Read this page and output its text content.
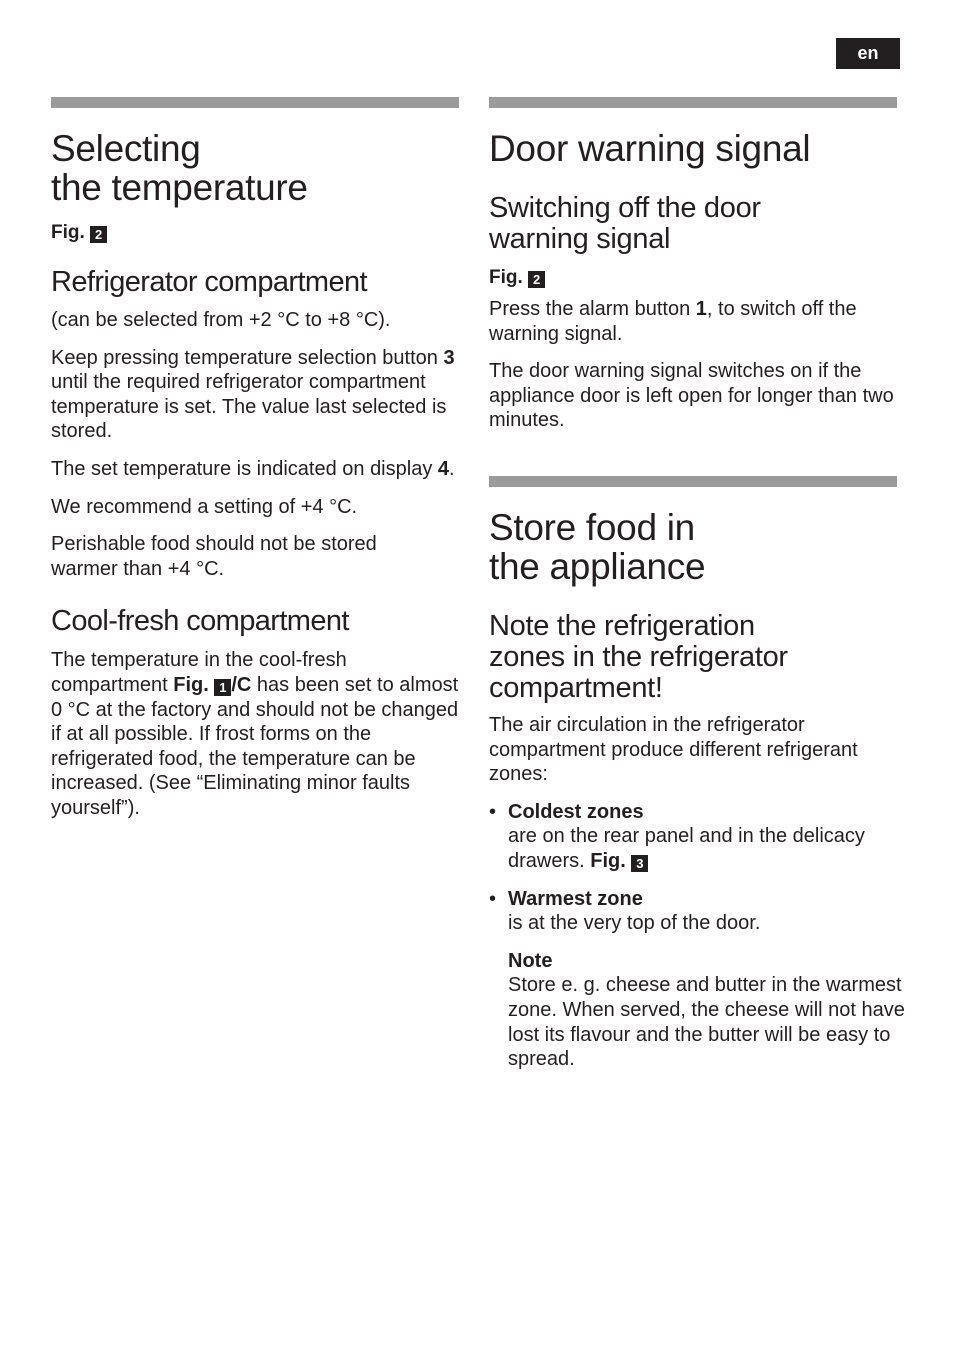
en
Selecting
the temperature

Fig. 2

Refrigerator compartment

(can be selected from +2 °C to +8 °C).

Keep pressing temperature selection button 3 until the required refrigerator compartment temperature is set. The value last selected is stored.

The set temperature is indicated on display 4.

We recommend a setting of +4 °C.

Perishable food should not be stored warmer than +4 °C.

Cool-fresh compartment

The temperature in the cool-fresh compartment Fig. 1 /C has been set to almost 0 °C at the factory and should not be changed if at all possible. If frost forms on the refrigerated food, the temperature can be increased. (See “Eliminating minor faults yourself”).

Door warning signal
Switching off the door
warning signal

Fig. 2

Press the alarm button 1, to switch off the warning signal.

The door warning signal switches on if the appliance door is left open for longer than two minutes.

Store food in
the appliance
Note the refrigeration
zones in the refrigerator
compartment!

The air circulation in the refrigerator compartment produce different refrigerant zones:

• Coldest zones

are on the rear panel and in the delicacy drawers. Fig. 3

• Warmest zone

is at the very top of the door.

Note

Store e. g. cheese and butter in the warmest zone. When served, the cheese will not have lost its flavour and the butter will be easy to spread.
